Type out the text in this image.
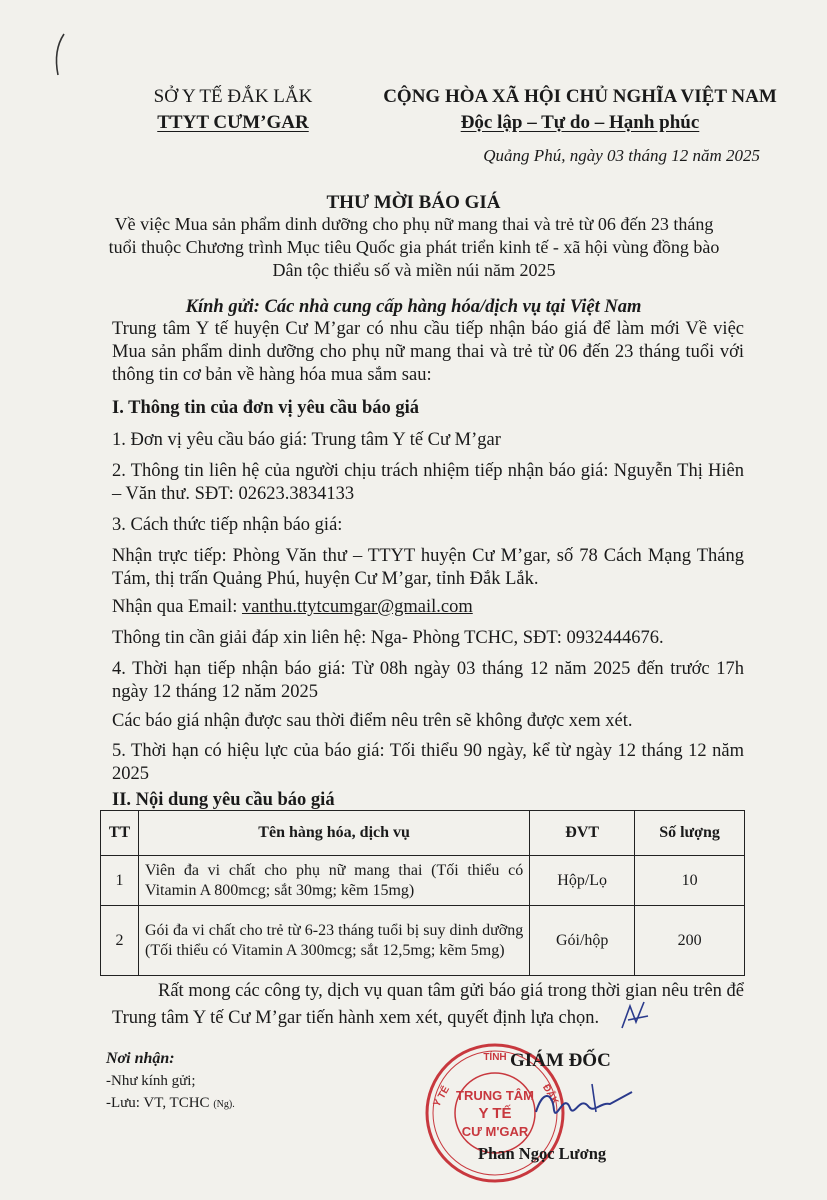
SỞ Y TẾ ĐẮK LẮK
TTYT CƯM’GAR
CỘNG HÒA XÃ HỘI CHỦ NGHĨA VIỆT NAM
Độc lập – Tự do – Hạnh phúc
Quảng Phú, ngày 03 tháng 12 năm 2025
THƯ MỜI BÁO GIÁ
Về việc Mua sản phẩm dinh dưỡng cho phụ nữ mang thai và trẻ từ 06 đến 23 tháng tuổi thuộc Chương trình Mục tiêu Quốc gia phát triển kinh tế - xã hội vùng đồng bào Dân tộc thiểu số và miền núi năm 2025
Kính gửi: Các nhà cung cấp hàng hóa/dịch vụ tại Việt Nam
Trung tâm Y tế huyện Cư M’gar có nhu cầu tiếp nhận báo giá để làm mới Về việc Mua sản phẩm dinh dưỡng cho phụ nữ mang thai và trẻ từ 06 đến 23 tháng tuổi với thông tin cơ bản về hàng hóa mua sắm sau:
I. Thông tin của đơn vị yêu cầu báo giá
1. Đơn vị yêu cầu báo giá: Trung tâm Y tế Cư M’gar
2. Thông tin liên hệ của người chịu trách nhiệm tiếp nhận báo giá: Nguyễn Thị Hiên – Văn thư. SĐT: 02623.3834133
3. Cách thức tiếp nhận báo giá:
Nhận trực tiếp: Phòng Văn thư – TTYT huyện Cư M’gar, số 78 Cách Mạng Tháng Tám, thị trấn Quảng Phú, huyện Cư M’gar, tỉnh Đắk Lắk.
Nhận qua Email: vanthu.ttytcumgar@gmail.com
Thông tin cần giải đáp xin liên hệ: Nga- Phòng TCHC, SĐT: 0932444676.
4. Thời hạn tiếp nhận báo giá: Từ 08h ngày 03 tháng 12 năm 2025 đến trước 17h ngày 12 tháng 12 năm 2025
Các báo giá nhận được sau thời điểm nêu trên sẽ không được xem xét.
5. Thời hạn có hiệu lực của báo giá: Tối thiểu 90 ngày, kể từ ngày 12 tháng 12 năm 2025
II. Nội dung yêu cầu báo giá
TT	Tên hàng hóa, dịch vụ	ĐVT	Số lượng
1	Viên đa vi chất cho phụ nữ mang thai (Tối thiểu có Vitamin A 800mcg; sắt 30mg; kẽm 15mg)	Hộp/Lọ	10
2	Gói đa vi chất cho trẻ từ 6-23 tháng tuổi bị suy dinh dưỡng (Tối thiểu có Vitamin A 300mcg; sắt 12,5mg; kẽm 5mg)	Gói/hộp	200
Rất mong các công ty, dịch vụ quan tâm gửi báo giá trong thời gian nêu trên để Trung tâm Y tế Cư M’gar tiến hành xem xét, quyết định lựa chọn.
Nơi nhận:
-Như kính gửi;
-Lưu: VT, TCHC (Ng).
TỈNH
Y TẾ	ĐẮK
TRUNG TÂM
Y TẾ
CƯ M'GAR
GIÁM ĐỐC
Phan Ngọc Lương
